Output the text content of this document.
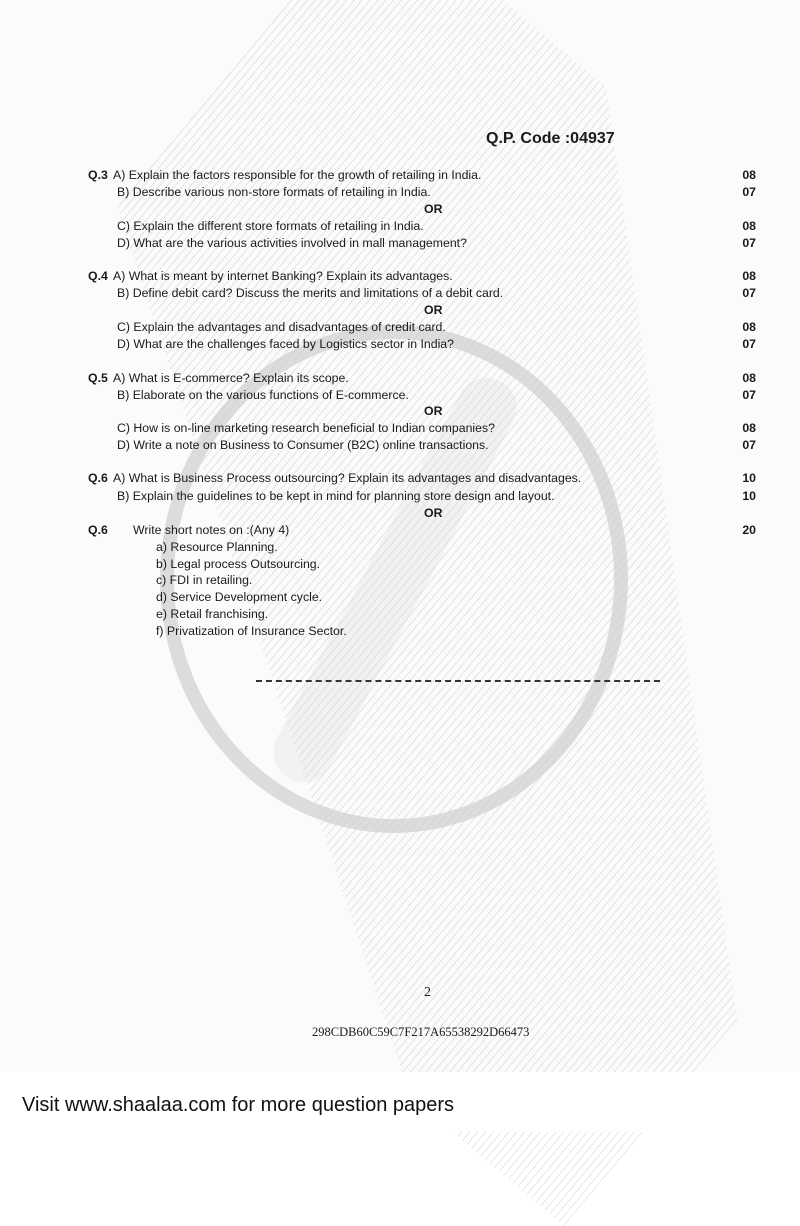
Q.P. Code :04937
Q.3 A) Explain the factors responsible for the growth of retailing in India.	08
B) Describe various non-store formats of retailing in India.	07
OR
C) Explain the different store formats of retailing in India.	08
D) What are the various activities involved in mall management?	07
Q.4 A) What is meant by internet Banking? Explain its advantages.	08
B) Define debit card? Discuss the merits and limitations of a debit card.	07
OR
C) Explain the advantages and disadvantages of credit card.	08
D) What are the challenges faced by Logistics sector in India?	07
Q.5 A) What is E-commerce? Explain its scope.	08
B) Elaborate on the various functions of E-commerce.	07
OR
C) How is on-line marketing research beneficial to Indian companies?	08
D) Write a note on Business to Consumer (B2C) online transactions.	07
Q.6 A) What is Business Process outsourcing? Explain its advantages and disadvantages.	10
B) Explain the guidelines to be kept in mind for planning store design and layout.	10
OR
Q.6 Write short notes on :(Any 4)	20
a) Resource Planning.
b) Legal process Outsourcing.
c) FDI in retailing.
d) Service Development cycle.
e) Retail franchising.
f) Privatization of Insurance Sector.
2
298CDB60C59C7F217A65538292D66473
Visit www.shaalaa.com for more question papers
